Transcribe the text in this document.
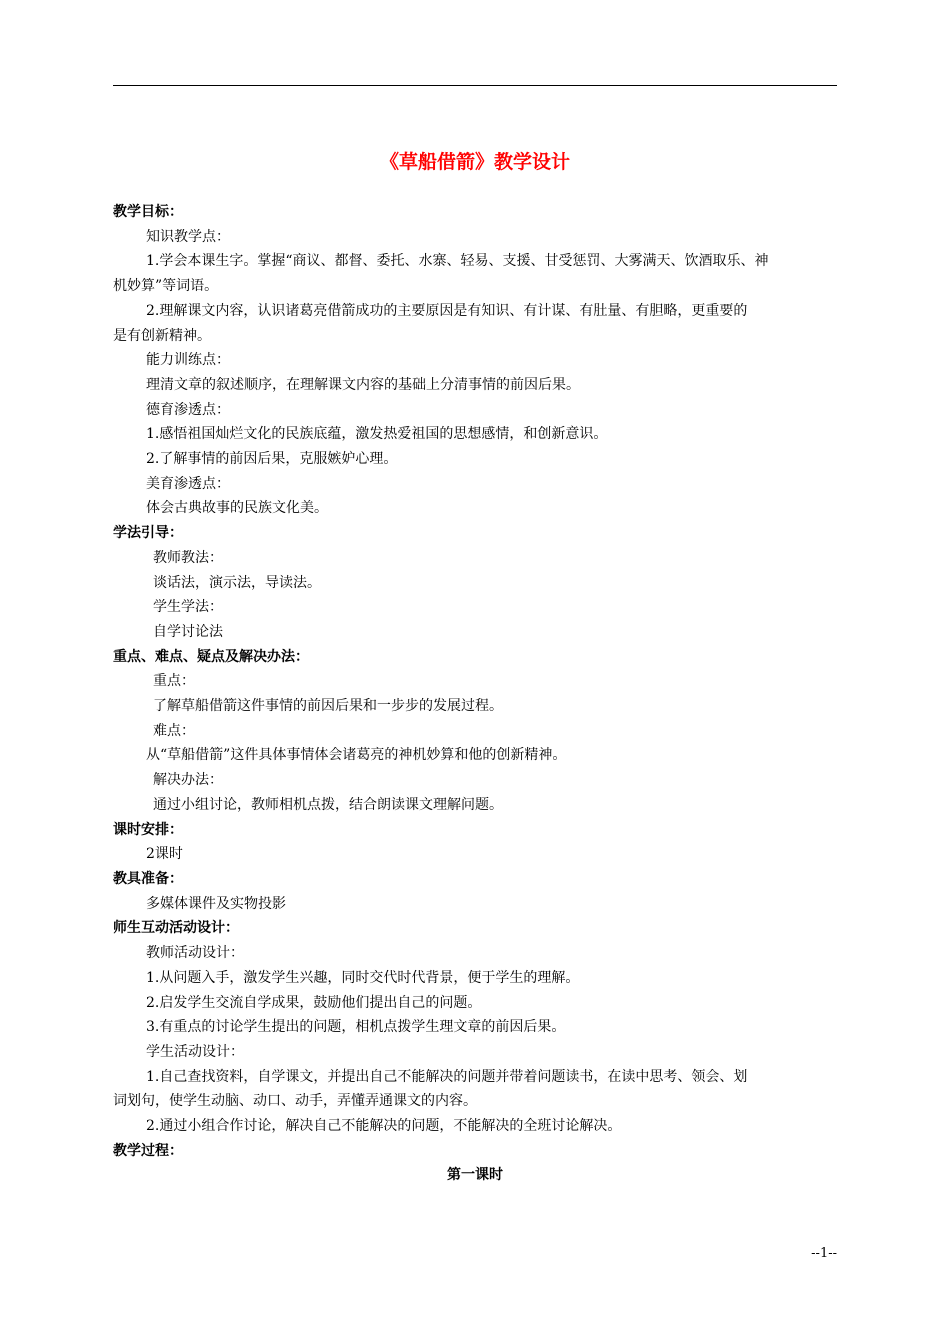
《草船借箭》教学设计

教学目标：

知识教学点：

1.学会本课生字。掌握“商议、都督、委托、水寨、轻易、支援、甘受惩罚、大雾满天、饮酒取乐、神

机妙算”等词语。

2.理解课文内容，认识诸葛亮借箭成功的主要原因是有知识、有计谋、有肚量、有胆略，更重要的

是有创新精神。

能力训练点：

理清文章的叙述顺序，在理解课文内容的基础上分清事情的前因后果。

德育渗透点：

1.感悟祖国灿烂文化的民族底蕴，激发热爱祖国的思想感情，和创新意识。

2.了解事情的前因后果，克服嫉妒心理。

美育渗透点：

体会古典故事的民族文化美。

学法引导：

教师教法：

谈话法，演示法，导读法。

学生学法：

自学讨论法

重点、难点、疑点及解决办法：

重点：

了解草船借箭这件事情的前因后果和一步步的发展过程。

难点：

从“草船借箭”这件具体事情体会诸葛亮的神机妙算和他的创新精神。

解决办法：

通过小组讨论，教师相机点拨，结合朗读课文理解问题。

课时安排：

2课时

教具准备：

多媒体课件及实物投影

师生互动活动设计：

教师活动设计：

1.从问题入手，激发学生兴趣，同时交代时代背景，便于学生的理解。

2.启发学生交流自学成果，鼓励他们提出自己的问题。

3.有重点的讨论学生提出的问题，相机点拨学生理文章的前因后果。

学生活动设计：

1.自己查找资料，自学课文，并提出自己不能解决的问题并带着问题读书，在读中思考、领会、划

词划句，使学生动脑、动口、动手，弄懂弄通课文的内容。

2.通过小组合作讨论，解决自己不能解决的问题，不能解决的全班讨论解决。

教学过程：

第一课时

--1--
